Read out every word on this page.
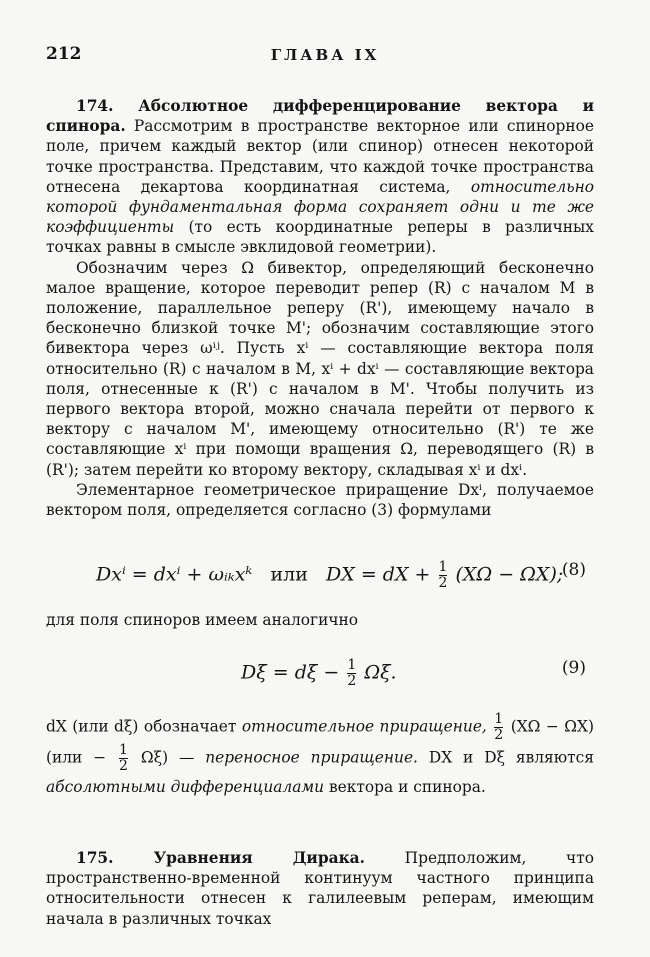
212	ГЛАВА IX

174. Абсолютное дифференцирование вектора и спинора. Рассмотрим в пространстве векторное или спинорное поле, причем каждый вектор (или спинор) отнесен некоторой точке пространства. Представим, что каждой точке пространства отнесена декартова координатная система, относительно которой фундаментальная форма сохраняет одни и те же коэффициенты (то есть координатные реперы в различных точках равны в смысле эвклидовой геометрии).

Обозначим через Ω бивектор, определяющий бесконечно малое вращение, которое переводит репер (R) с началом M в положение, параллельное реперу (R'), имеющему начало в бесконечно близкой точке M'; обозначим составляющие этого бивектора через ωⁱʲ. Пусть xⁱ — составляющие вектора поля относительно (R) с началом в M, xⁱ + dxⁱ — составляющие вектора поля, отнесенные к (R') с началом в M'. Чтобы получить из первого вектора второй, можно сначала перейти от первого к вектору с началом M', имеющему относительно (R') те же составляющие xⁱ при помощи вращения Ω, переводящего (R) в (R'); затем перейти ко второму вектору, складывая xⁱ и dxⁱ.

Элементарное геометрическое приращение Dxⁱ, получаемое вектором поля, определяется согласно (3) формулами

Dxⁱ = dxⁱ + ωᵢₖxᵏ или DX = dX + $\frac{1}{2} (X\Omega - \Omega X)$;
(8)

для поля спиноров имеем аналогично

$D\xi = d\xi - \frac{1}{2} \Omega\xi$.	(9)

dX (или dξ) обозначает относительное приращение, $\frac{1}{2} (X\Omega - \Omega X) (или - \frac{1}{2} \Omega\xi)$ — переносное приращение. DX и Dξ являются абсолютными дифференциалами вектора и спинора.

175. Уравнения Дирака.	Предположим, что пространственно-временной континуум частного принципа относительности отнесен к галилеевым реперам, имеющим начала в различных точках
